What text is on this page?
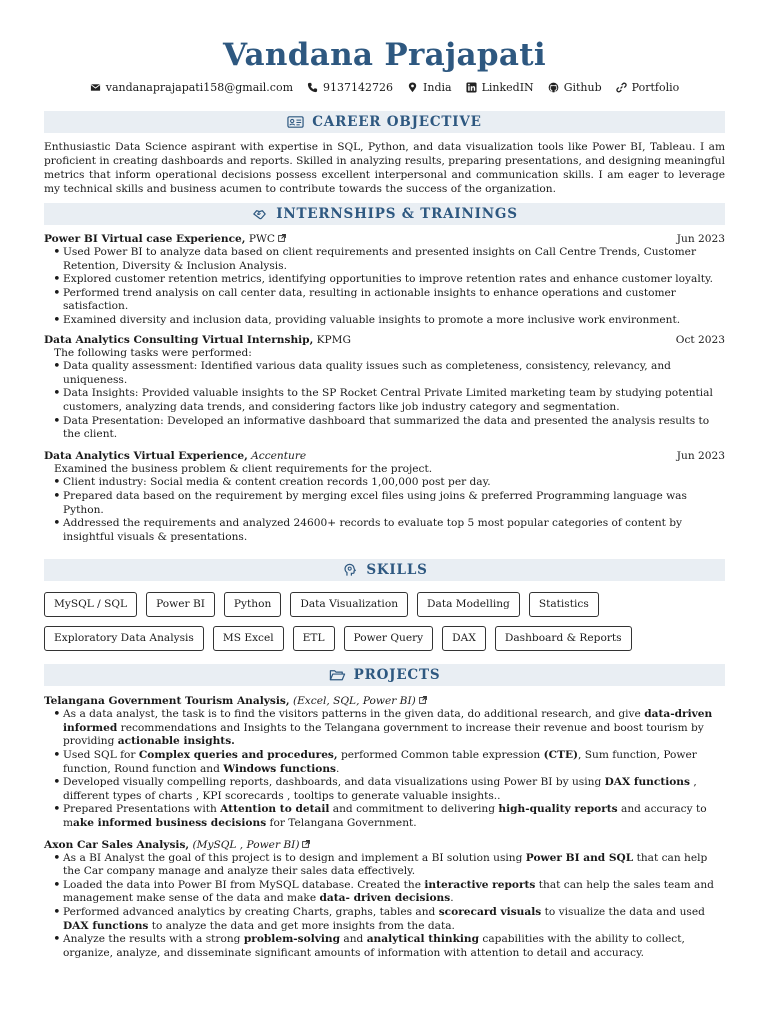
Vandana Prajapati
vandanaprajapati158@gmail.com	9137142726	India	LinkedIN	Github	Portfolio
CAREER OBJECTIVE
Enthusiastic Data Science aspirant with expertise in SQL, Python, and data visualization tools like Power BI, Tableau. I am proficient in creating dashboards and reports. Skilled in analyzing results, preparing presentations, and designing meaningful metrics that inform operational decisions possess excellent interpersonal and communication skills. I am eager to leverage my technical skills and business acumen to contribute towards the success of the organization.
INTERNSHIPS & TRAININGS
Power BI Virtual case Experience, PWC	Jun 2023
• Used Power BI to analyze data based on client requirements and presented insights on Call Centre Trends, Customer Retention, Diversity & Inclusion Analysis.
• Explored customer retention metrics, identifying opportunities to improve retention rates and enhance customer loyalty.
• Performed trend analysis on call center data, resulting in actionable insights to enhance operations and customer satisfaction.
• Examined diversity and inclusion data, providing valuable insights to promote a more inclusive work environment.
Data Analytics Consulting Virtual Internship, KPMG	Oct 2023
The following tasks were performed:
• Data quality assessment: Identified various data quality issues such as completeness, consistency, relevancy, and uniqueness.
• Data Insights: Provided valuable insights to the SP Rocket Central Private Limited marketing team by studying potential customers, analyzing data trends, and considering factors like job industry category and segmentation.
• Data Presentation: Developed an informative dashboard that summarized the data and presented the analysis results to the client.
Data Analytics Virtual Experience, Accenture	Jun 2023
Examined the business problem & client requirements for the project.
• Client industry: Social media & content creation records 1,00,000 post per day.
• Prepared data based on the requirement by merging excel files using joins & preferred Programming language was Python.
• Addressed the requirements and analyzed 24600+ records to evaluate top 5 most popular categories of content by insightful visuals & presentations.
SKILLS
MySQL / SQL	Power BI	Python	Data Visualization	Data Modelling	Statistics
Exploratory Data Analysis	MS Excel	ETL	Power Query	DAX	Dashboard & Reports
PROJECTS
Telangana Government Tourism Analysis, (Excel, SQL, Power BI)
• As a data analyst, the task is to find the visitors patterns in the given data, do additional research, and give data-driven informed recommendations and Insights to the Telangana government to increase their revenue and boost tourism by providing actionable insights.
• Used SQL for Complex queries and procedures, performed Common table expression (CTE), Sum function, Power function, Round function and Windows functions.
• Developed visually compelling reports, dashboards, and data visualizations using Power BI by using DAX functions , different types of charts , KPI scorecards , tooltips to generate valuable insights..
• Prepared Presentations with Attention to detail and commitment to delivering high-quality reports and accuracy to make informed business decisions for Telangana Government.
Axon Car Sales Analysis, (MySQL , Power BI)
• As a BI Analyst the goal of this project is to design and implement a BI solution using Power BI and SQL that can help the Car company manage and analyze their sales data effectively.
• Loaded the data into Power BI from MySQL database. Created the interactive reports that can help the sales team and management make sense of the data and make data- driven decisions.
• Performed advanced analytics by creating Charts, graphs, tables and scorecard visuals to visualize the data and used DAX functions to analyze the data and get more insights from the data.
• Analyze the results with a strong problem-solving and analytical thinking capabilities with the ability to collect, organize, analyze, and disseminate significant amounts of information with attention to detail and accuracy.
